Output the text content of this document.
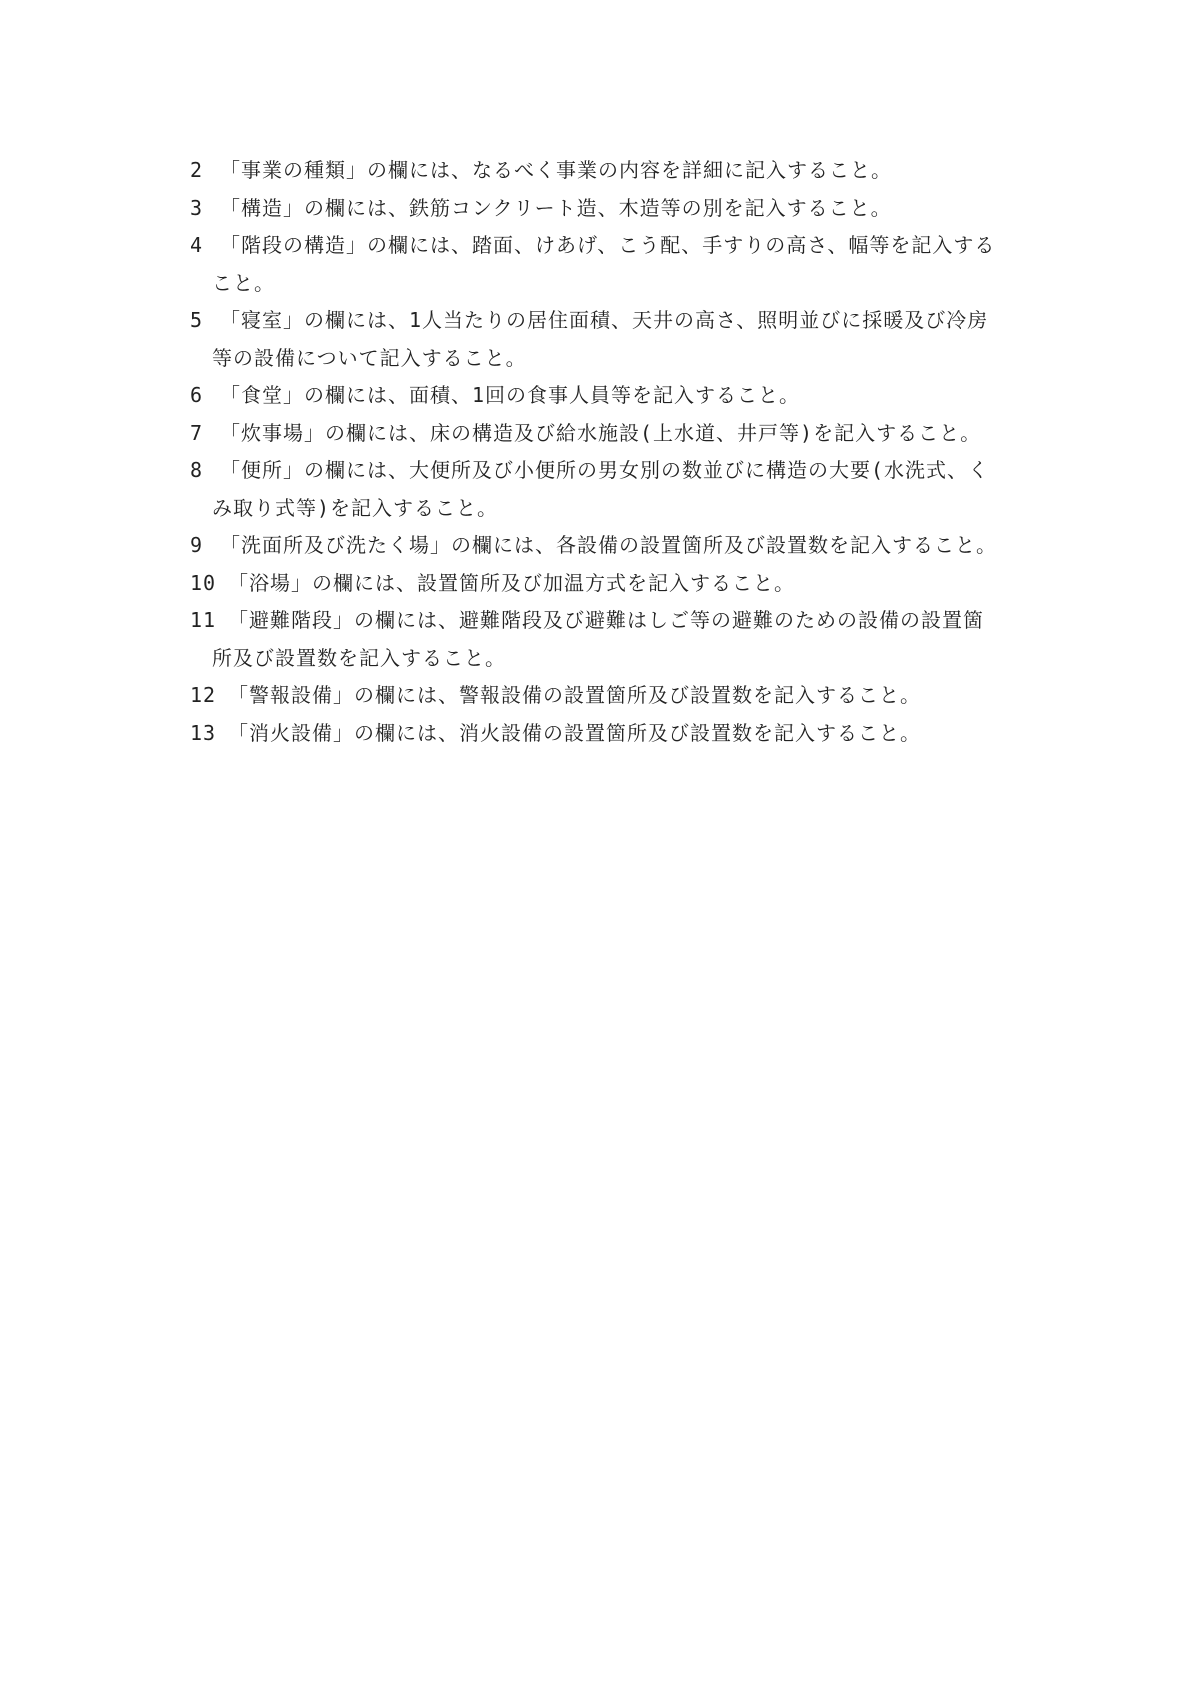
2 「事業の種類」の欄には、なるべく事業の内容を詳細に記入すること。
3 「構造」の欄には、鉄筋コンクリート造、木造等の別を記入すること。
4 「階段の構造」の欄には、踏面、けあげ、こう配、手すりの高さ、幅等を記入する
こと。
5 「寝室」の欄には、1人当たりの居住面積、天井の高さ、照明並びに採暖及び冷房
等の設備について記入すること。
6 「食堂」の欄には、面積、1回の食事人員等を記入すること。
7 「炊事場」の欄には、床の構造及び給水施設(上水道、井戸等)を記入すること。
8 「便所」の欄には、大便所及び小便所の男女別の数並びに構造の大要(水洗式、く
み取り式等)を記入すること。
9 「洗面所及び洗たく場」の欄には、各設備の設置箇所及び設置数を記入すること。
10 「浴場」の欄には、設置箇所及び加温方式を記入すること。
11 「避難階段」の欄には、避難階段及び避難はしご等の避難のための設備の設置箇
所及び設置数を記入すること。
12 「警報設備」の欄には、警報設備の設置箇所及び設置数を記入すること。
13 「消火設備」の欄には、消火設備の設置箇所及び設置数を記入すること。
